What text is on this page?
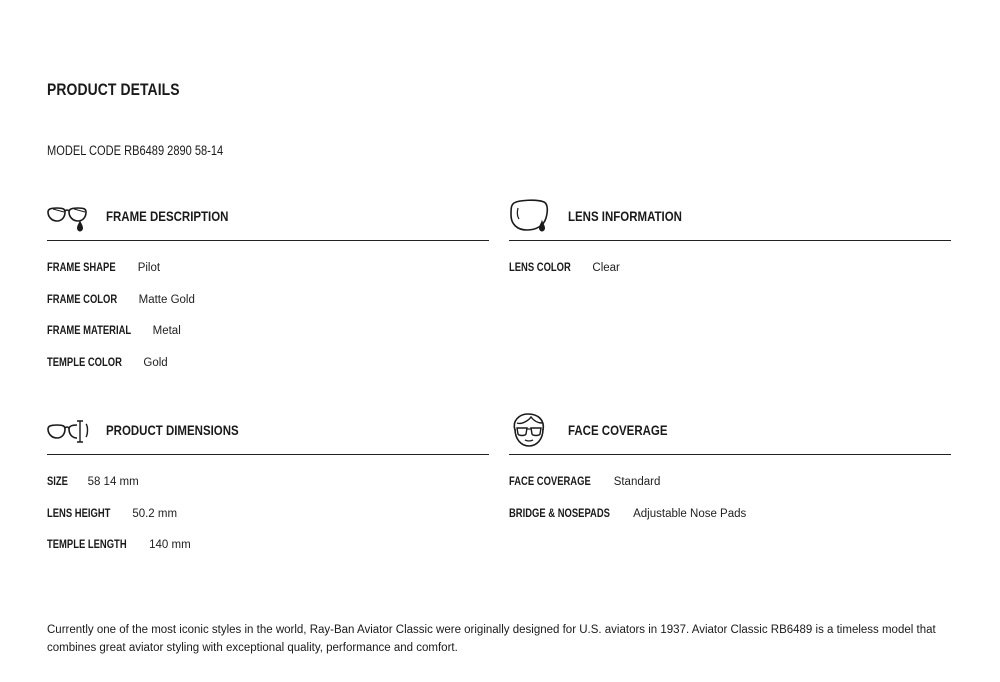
PRODUCT DETAILS
MODEL CODE RB6489 2890 58-14
FRAME DESCRIPTION
FRAME SHAPE Pilot
FRAME COLOR Matte Gold
FRAME MATERIAL Metal
TEMPLE COLOR Gold
LENS INFORMATION
LENS COLOR Clear
PRODUCT DIMENSIONS
SIZE 58 14 mm
LENS HEIGHT 50.2 mm
TEMPLE LENGTH 140 mm
FACE COVERAGE
FACE COVERAGE Standard
BRIDGE & NOSEPADS Adjustable Nose Pads
Currently one of the most iconic styles in the world, Ray-Ban Aviator Classic were originally designed for U.S. aviators in 1937. Aviator Classic RB6489 is a timeless model that combines great aviator styling with exceptional quality, performance and comfort.
